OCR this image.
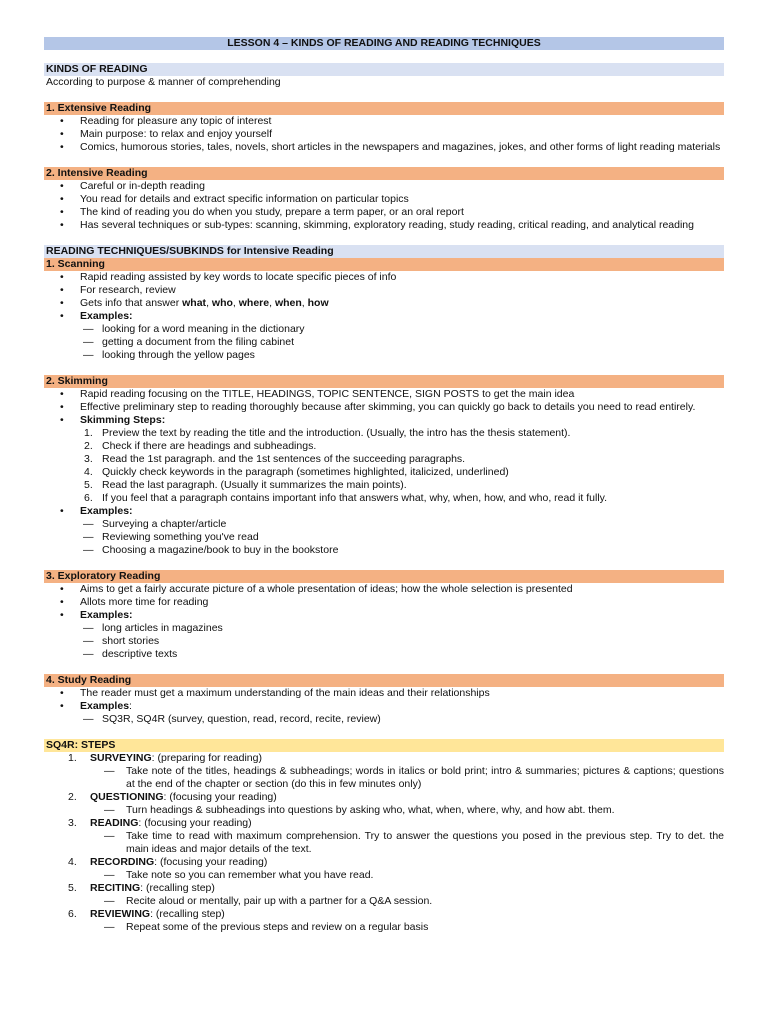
LESSON 4 – KINDS OF READING AND READING TECHNIQUES
KINDS OF READING
According to purpose & manner of comprehending
1. Extensive Reading
• Reading for pleasure any topic of interest
• Main purpose: to relax and enjoy yourself
• Comics, humorous stories, tales, novels, short articles in the newspapers and magazines, jokes, and other forms of light reading materials
2. Intensive Reading
• Careful or in-depth reading
• You read for details and extract specific information on particular topics
• The kind of reading you do when you study, prepare a term paper, or an oral report
• Has several techniques or sub-types: scanning, skimming, exploratory reading, study reading, critical reading, and analytical reading
READING TECHNIQUES/SUBKINDS for Intensive Reading
1. Scanning
• Rapid reading assisted by key words to locate specific pieces of info
• For research, review
• Gets info that answer what, who, where, when, how
• Examples:
— looking for a word meaning in the dictionary
— getting a document from the filing cabinet
— looking through the yellow pages
2. Skimming
• Rapid reading focusing on the TITLE, HEADINGS, TOPIC SENTENCE, SIGN POSTS to get the main idea
• Effective preliminary step to reading thoroughly because after skimming, you can quickly go back to details you need to read entirely.
• Skimming Steps:
1. Preview the text by reading the title and the introduction. (Usually, the intro has the thesis statement).
2. Check if there are headings and subheadings.
3. Read the 1st paragraph. and the 1st sentences of the succeeding paragraphs.
4. Quickly check keywords in the paragraph (sometimes highlighted, italicized, underlined)
5. Read the last paragraph. (Usually it summarizes the main points).
6. If you feel that a paragraph contains important info that answers what, why, when, how, and who, read it fully.
• Examples:
— Surveying a chapter/article
— Reviewing something you've read
— Choosing a magazine/book to buy in the bookstore
3. Exploratory Reading
• Aims to get a fairly accurate picture of a whole presentation of ideas; how the whole selection is presented
• Allots more time for reading
• Examples:
— long articles in magazines
— short stories
— descriptive texts
4. Study Reading
• The reader must get a maximum understanding of the main ideas and their relationships
• Examples:
— SQ3R, SQ4R (survey, question, read, record, recite, review)
SQ4R: STEPS
1. SURVEYING: (preparing for reading)
— Take note of the titles, headings & subheadings; words in italics or bold print; intro & summaries; pictures & captions; questions at the end of the chapter or section (do this in few minutes only)
2. QUESTIONING: (focusing your reading)
— Turn headings & subheadings into questions by asking who, what, when, where, why, and how abt. them.
3. READING: (focusing your reading)
— Take time to read with maximum comprehension. Try to answer the questions you posed in the previous step. Try to det. the main ideas and major details of the text.
4. RECORDING: (focusing your reading)
— Take note so you can remember what you have read.
5. RECITING: (recalling step)
— Recite aloud or mentally, pair up with a partner for a Q&A session.
6. REVIEWING: (recalling step)
— Repeat some of the previous steps and review on a regular basis
